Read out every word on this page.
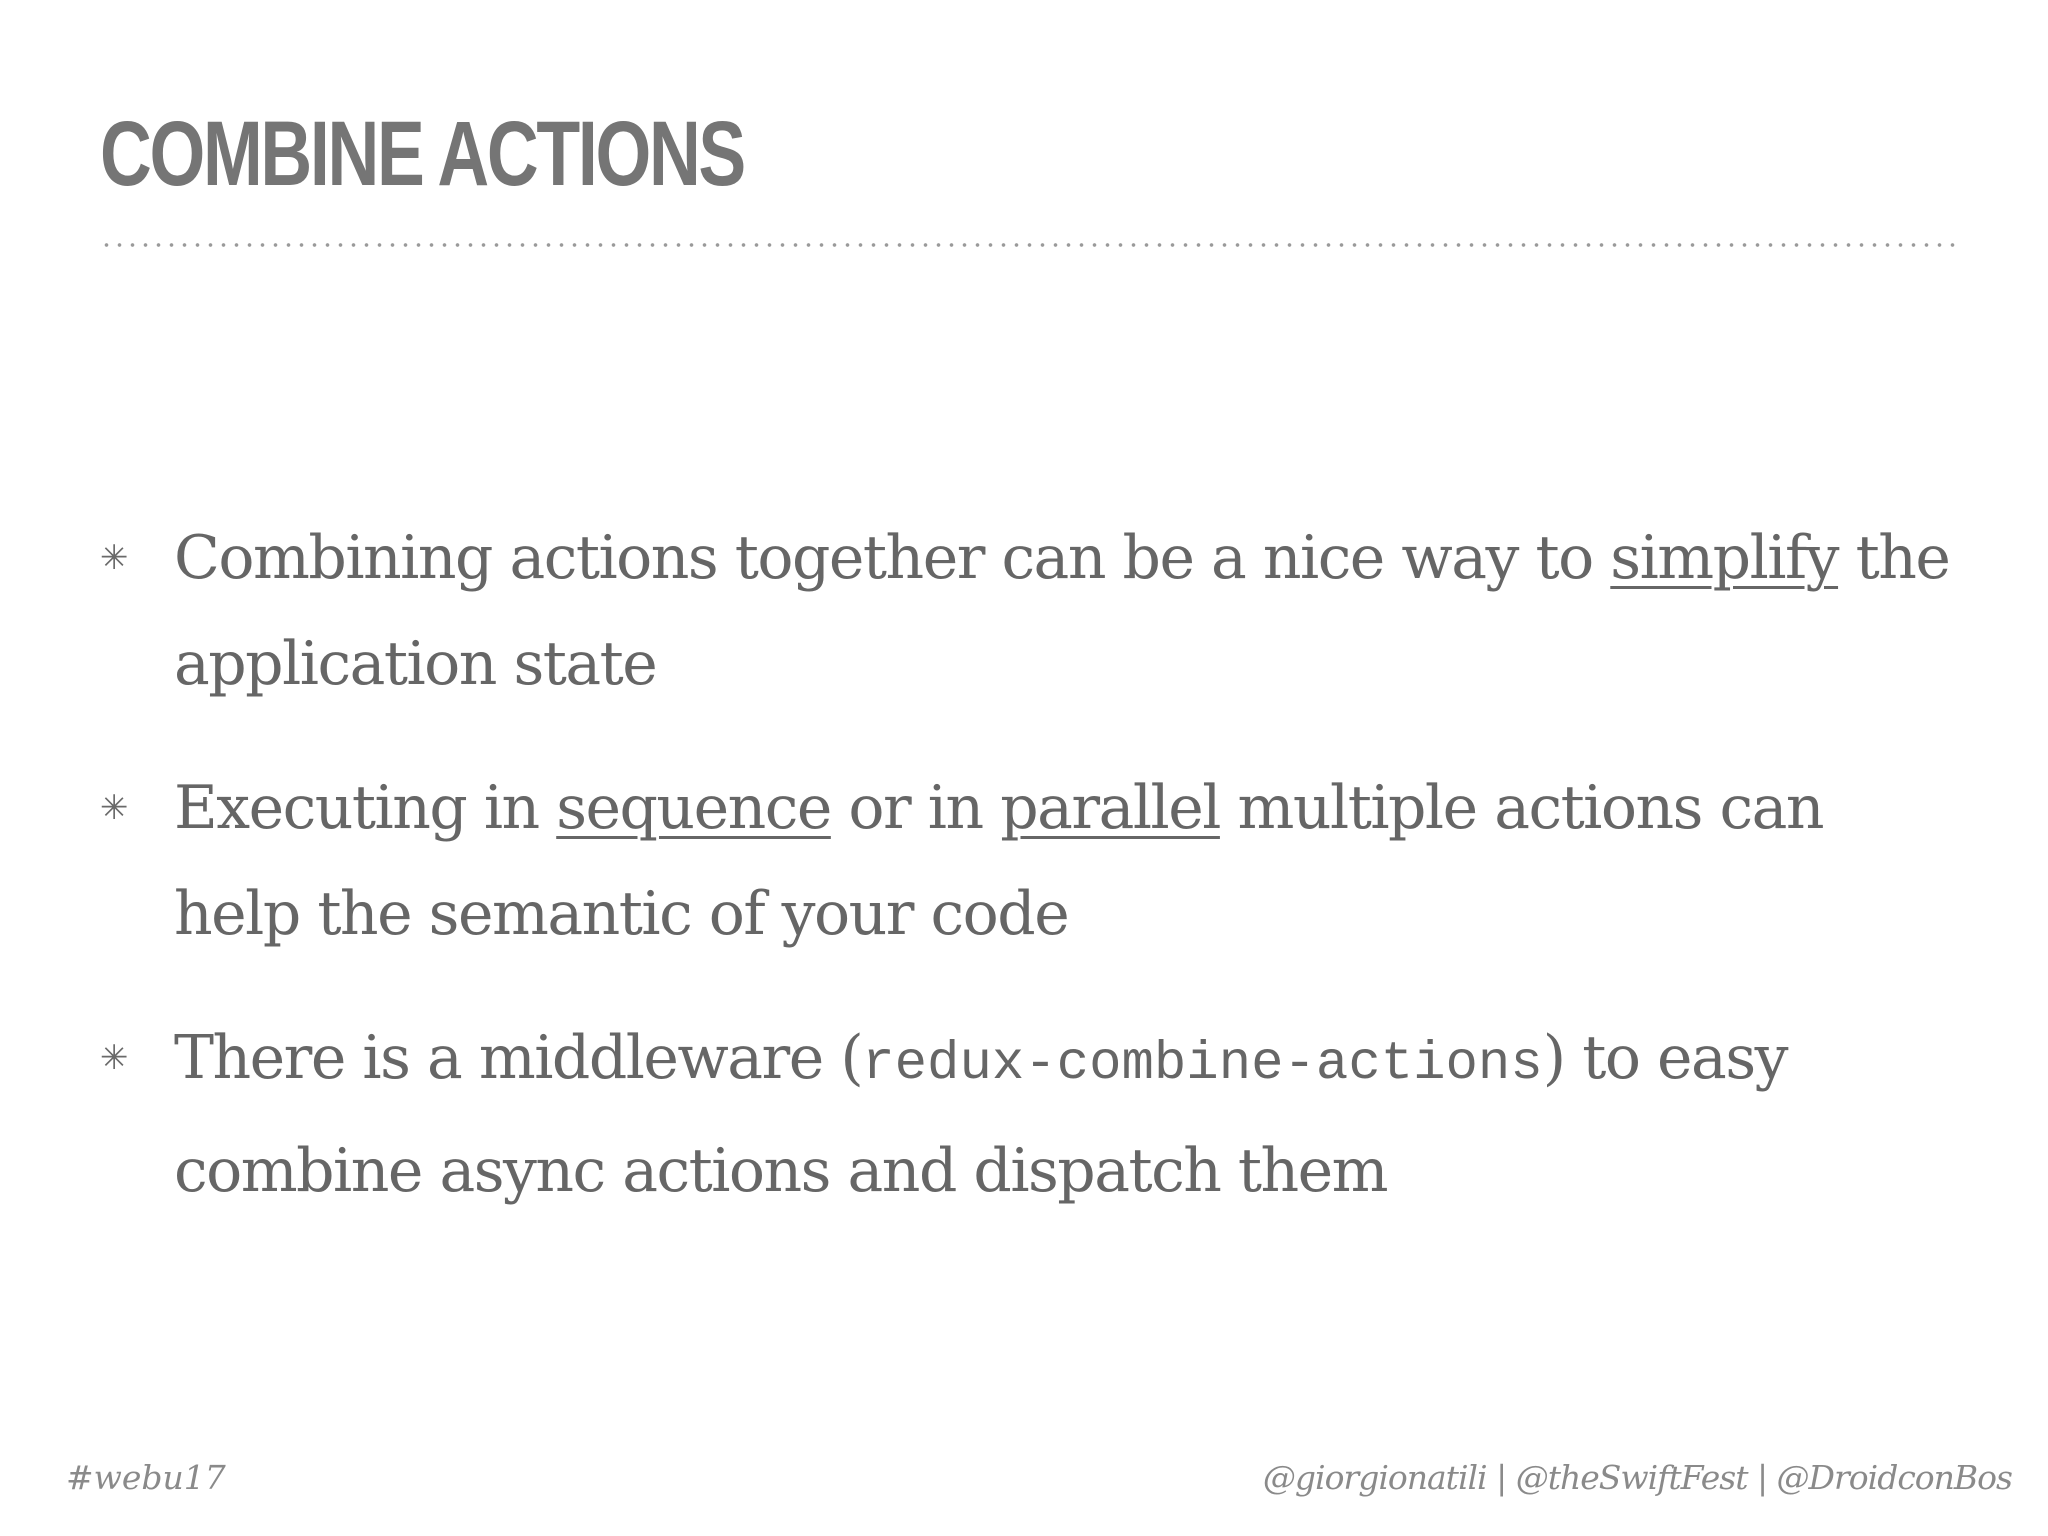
COMBINE ACTIONS
✳ Combining actions together can be a nice way to simplify the application state
✳ Executing in sequence or in parallel multiple actions can help the semantic of your code
✳ There is a middleware (redux-combine-actions) to easy combine async actions and dispatch them
#webu17	@giorgionatili | @theSwiftFest | @DroidconBos
